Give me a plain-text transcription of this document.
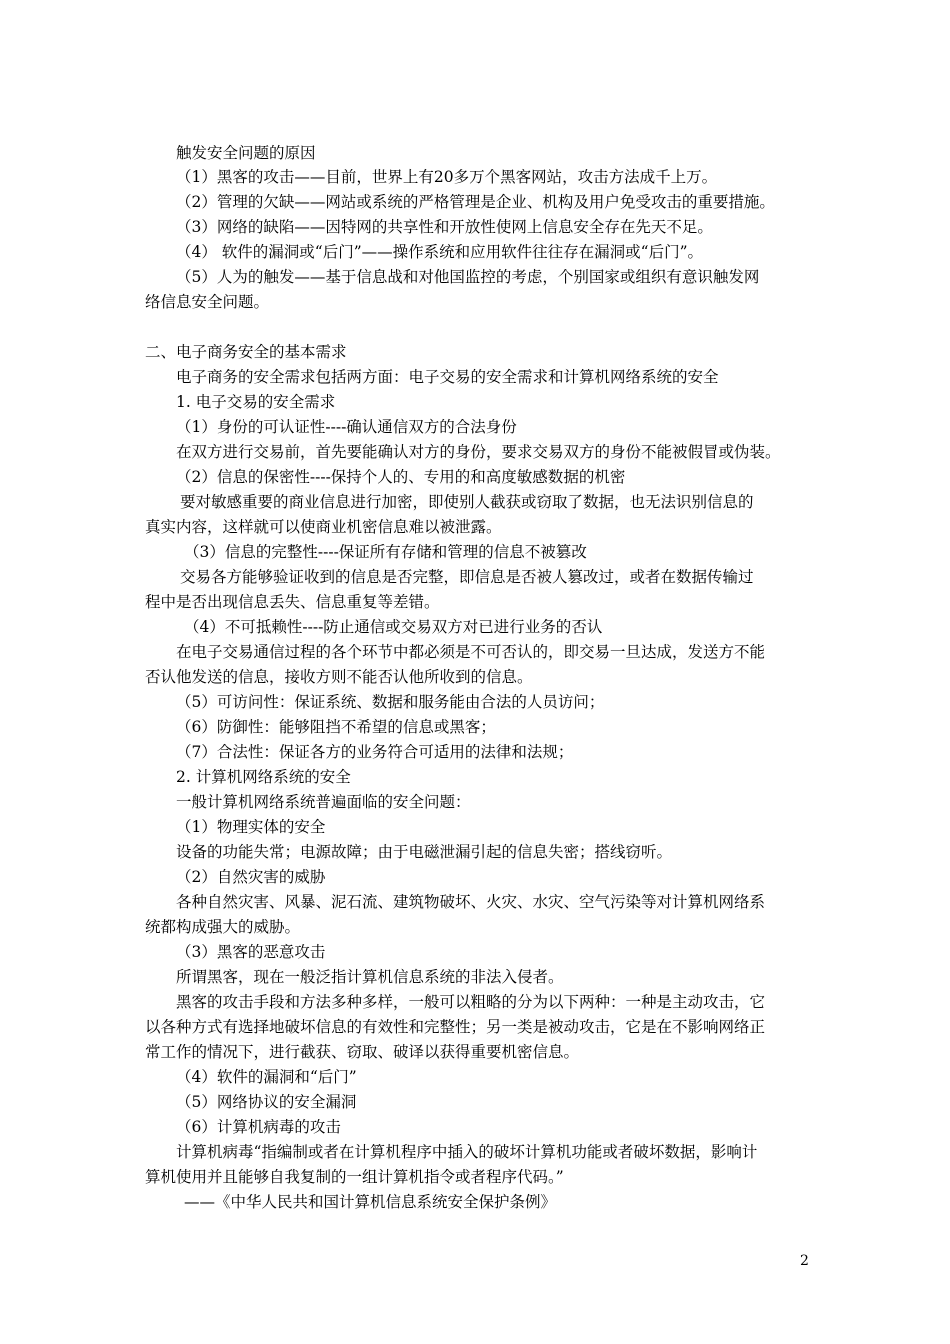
触发安全问题的原因
（1）黑客的攻击——目前，世界上有20多万个黑客网站，攻击方法成千上万。
（2）管理的欠缺——网站或系统的严格管理是企业、机构及用户免受攻击的重要措施。
（3）网络的缺陷——因特网的共享性和开放性使网上信息安全存在先天不足。
（4） 软件的漏洞或“后门”——操作系统和应用软件往往存在漏洞或“后门”。
（5）人为的触发——基于信息战和对他国监控的考虑，个别国家或组织有意识触发网
络信息安全问题。
二、电子商务安全的基本需求
电子商务的安全需求包括两方面：电子交易的安全需求和计算机网络系统的安全
1. 电子交易的安全需求
（1）身份的可认证性----确认通信双方的合法身份
在双方进行交易前，首先要能确认对方的身份，要求交易双方的身份不能被假冒或伪装。
（2）信息的保密性----保持个人的、专用的和高度敏感数据的机密
要对敏感重要的商业信息进行加密，即使别人截获或窃取了数据，也无法识别信息的
真实内容，这样就可以使商业机密信息难以被泄露。
（3）信息的完整性----保证所有存储和管理的信息不被篡改
交易各方能够验证收到的信息是否完整，即信息是否被人篡改过，或者在数据传输过
程中是否出现信息丢失、信息重复等差错。
（4）不可抵赖性----防止通信或交易双方对已进行业务的否认
在电子交易通信过程的各个环节中都必须是不可否认的，即交易一旦达成，发送方不能
否认他发送的信息，接收方则不能否认他所收到的信息。
（5）可访问性：保证系统、数据和服务能由合法的人员访问；
（6）防御性：能够阻挡不希望的信息或黑客；
（7）合法性：保证各方的业务符合可适用的法律和法规；
2. 计算机网络系统的安全
一般计算机网络系统普遍面临的安全问题：
（1）物理实体的安全
设备的功能失常；电源故障；由于电磁泄漏引起的信息失密；搭线窃听。
（2）自然灾害的威胁
各种自然灾害、风暴、泥石流、建筑物破坏、火灾、水灾、空气污染等对计算机网络系
统都构成强大的威胁。
（3）黑客的恶意攻击
所谓黑客，现在一般泛指计算机信息系统的非法入侵者。
黑客的攻击手段和方法多种多样，一般可以粗略的分为以下两种：一种是主动攻击，它
以各种方式有选择地破坏信息的有效性和完整性；另一类是被动攻击，它是在不影响网络正
常工作的情况下，进行截获、窃取、破译以获得重要机密信息。
（4）软件的漏洞和“后门”
（5）网络协议的安全漏洞
（6）计算机病毒的攻击
计算机病毒“指编制或者在计算机程序中插入的破坏计算机功能或者破坏数据，影响计
算机使用并且能够自我复制的一组计算机指令或者程序代码。”
——《中华人民共和国计算机信息系统安全保护条例》
2
